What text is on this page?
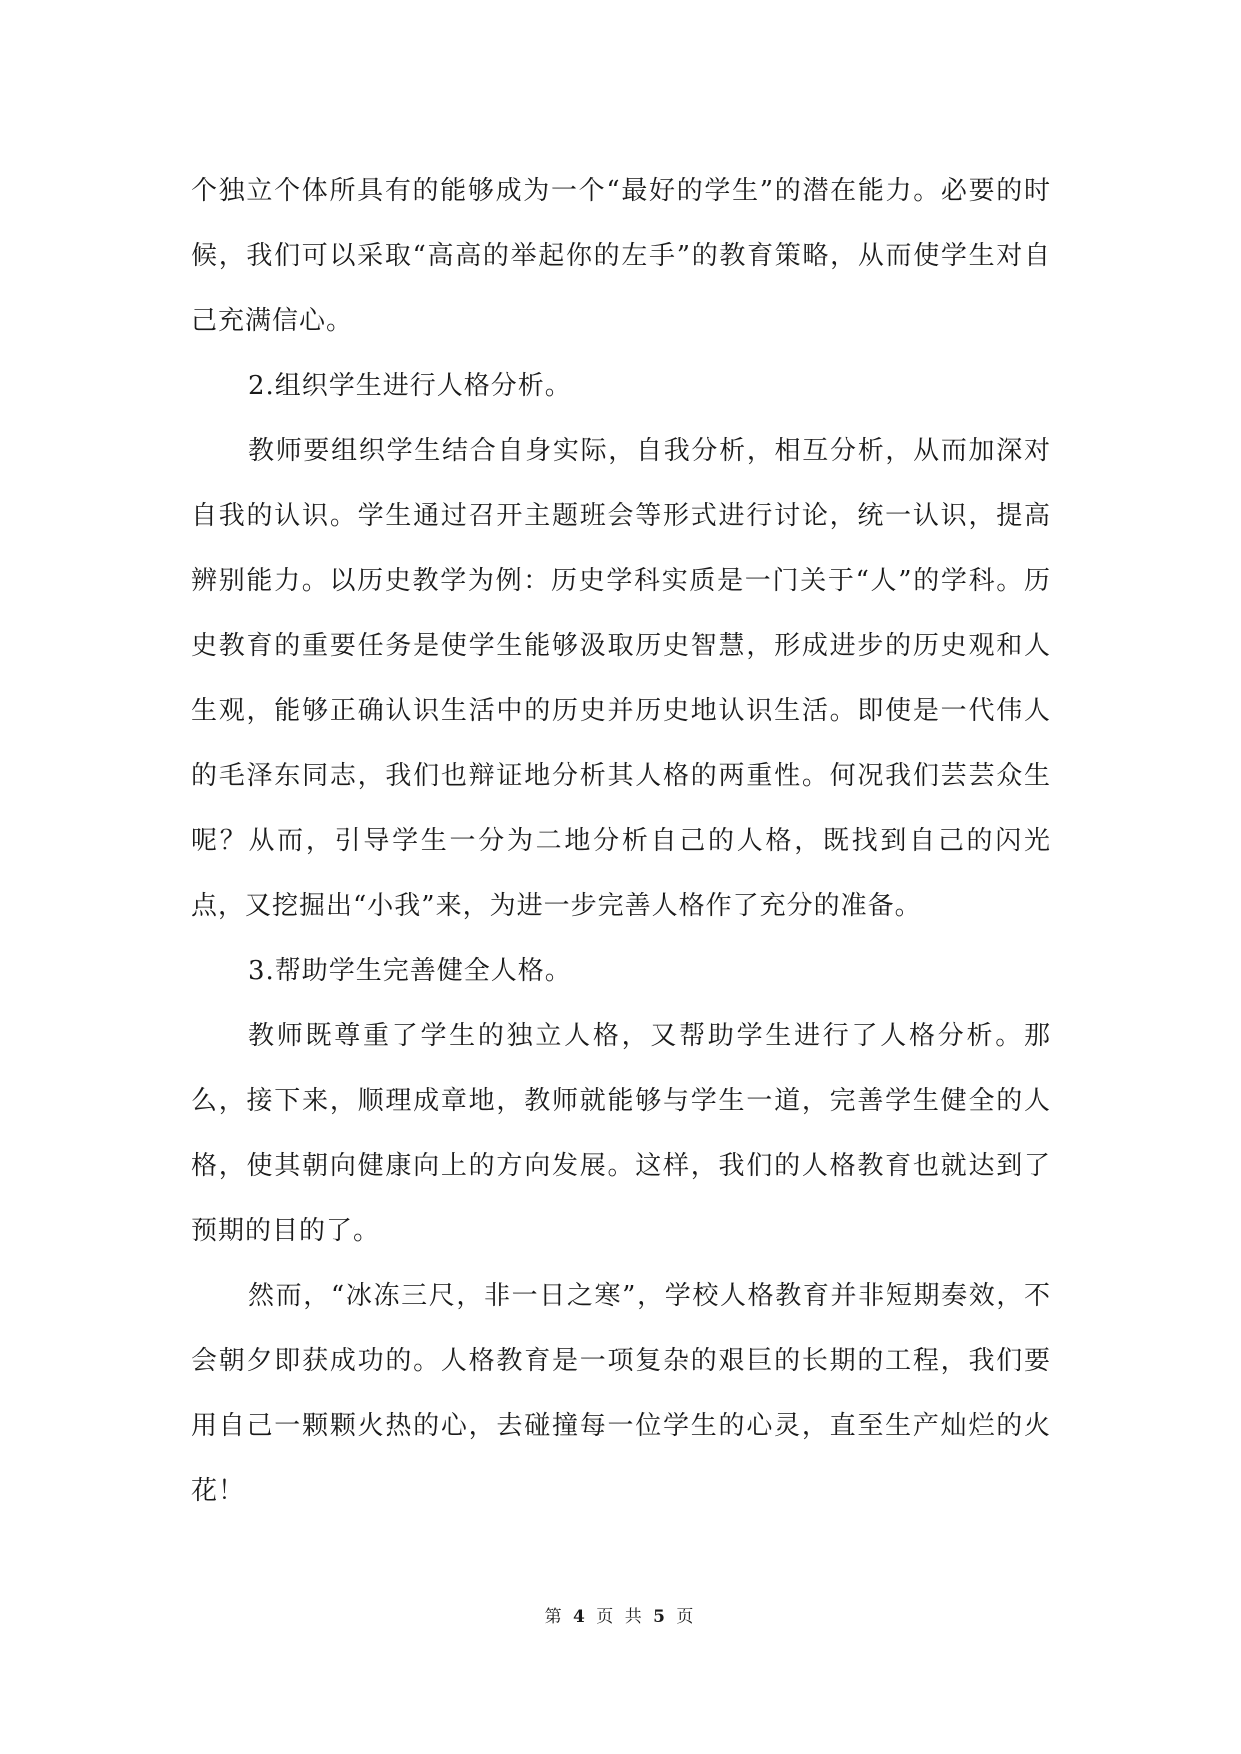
个独立个体所具有的能够成为一个“最好的学生”的潜在能力。必要的时候，我们可以采取“高高的举起你的左手”的教育策略，从而使学生对自己充满信心。

2.组织学生进行人格分析。

教师要组织学生结合自身实际，自我分析，相互分析，从而加深对自我的认识。学生通过召开主题班会等形式进行讨论，统一认识，提高辨别能力。以历史教学为例：历史学科实质是一门关于“人”的学科。历史教育的重要任务是使学生能够汲取历史智慧，形成进步的历史观和人生观，能够正确认识生活中的历史并历史地认识生活。即使是一代伟人的毛泽东同志，我们也辩证地分析其人格的两重性。何况我们芸芸众生呢？从而，引导学生一分为二地分析自己的人格，既找到自己的闪光点，又挖掘出“小我”来，为进一步完善人格作了充分的准备。

3.帮助学生完善健全人格。

教师既尊重了学生的独立人格，又帮助学生进行了人格分析。那么，接下来，顺理成章地，教师就能够与学生一道，完善学生健全的人格，使其朝向健康向上的方向发展。这样，我们的人格教育也就达到了预期的目的了。

然而，“冰冻三尺，非一日之寒”，学校人格教育并非短期奏效，不会朝夕即获成功的。人格教育是一项复杂的艰巨的长期的工程，我们要用自己一颗颗火热的心，去碰撞每一位学生的心灵，直至生产灿烂的火花！

第 4 页 共 5 页
